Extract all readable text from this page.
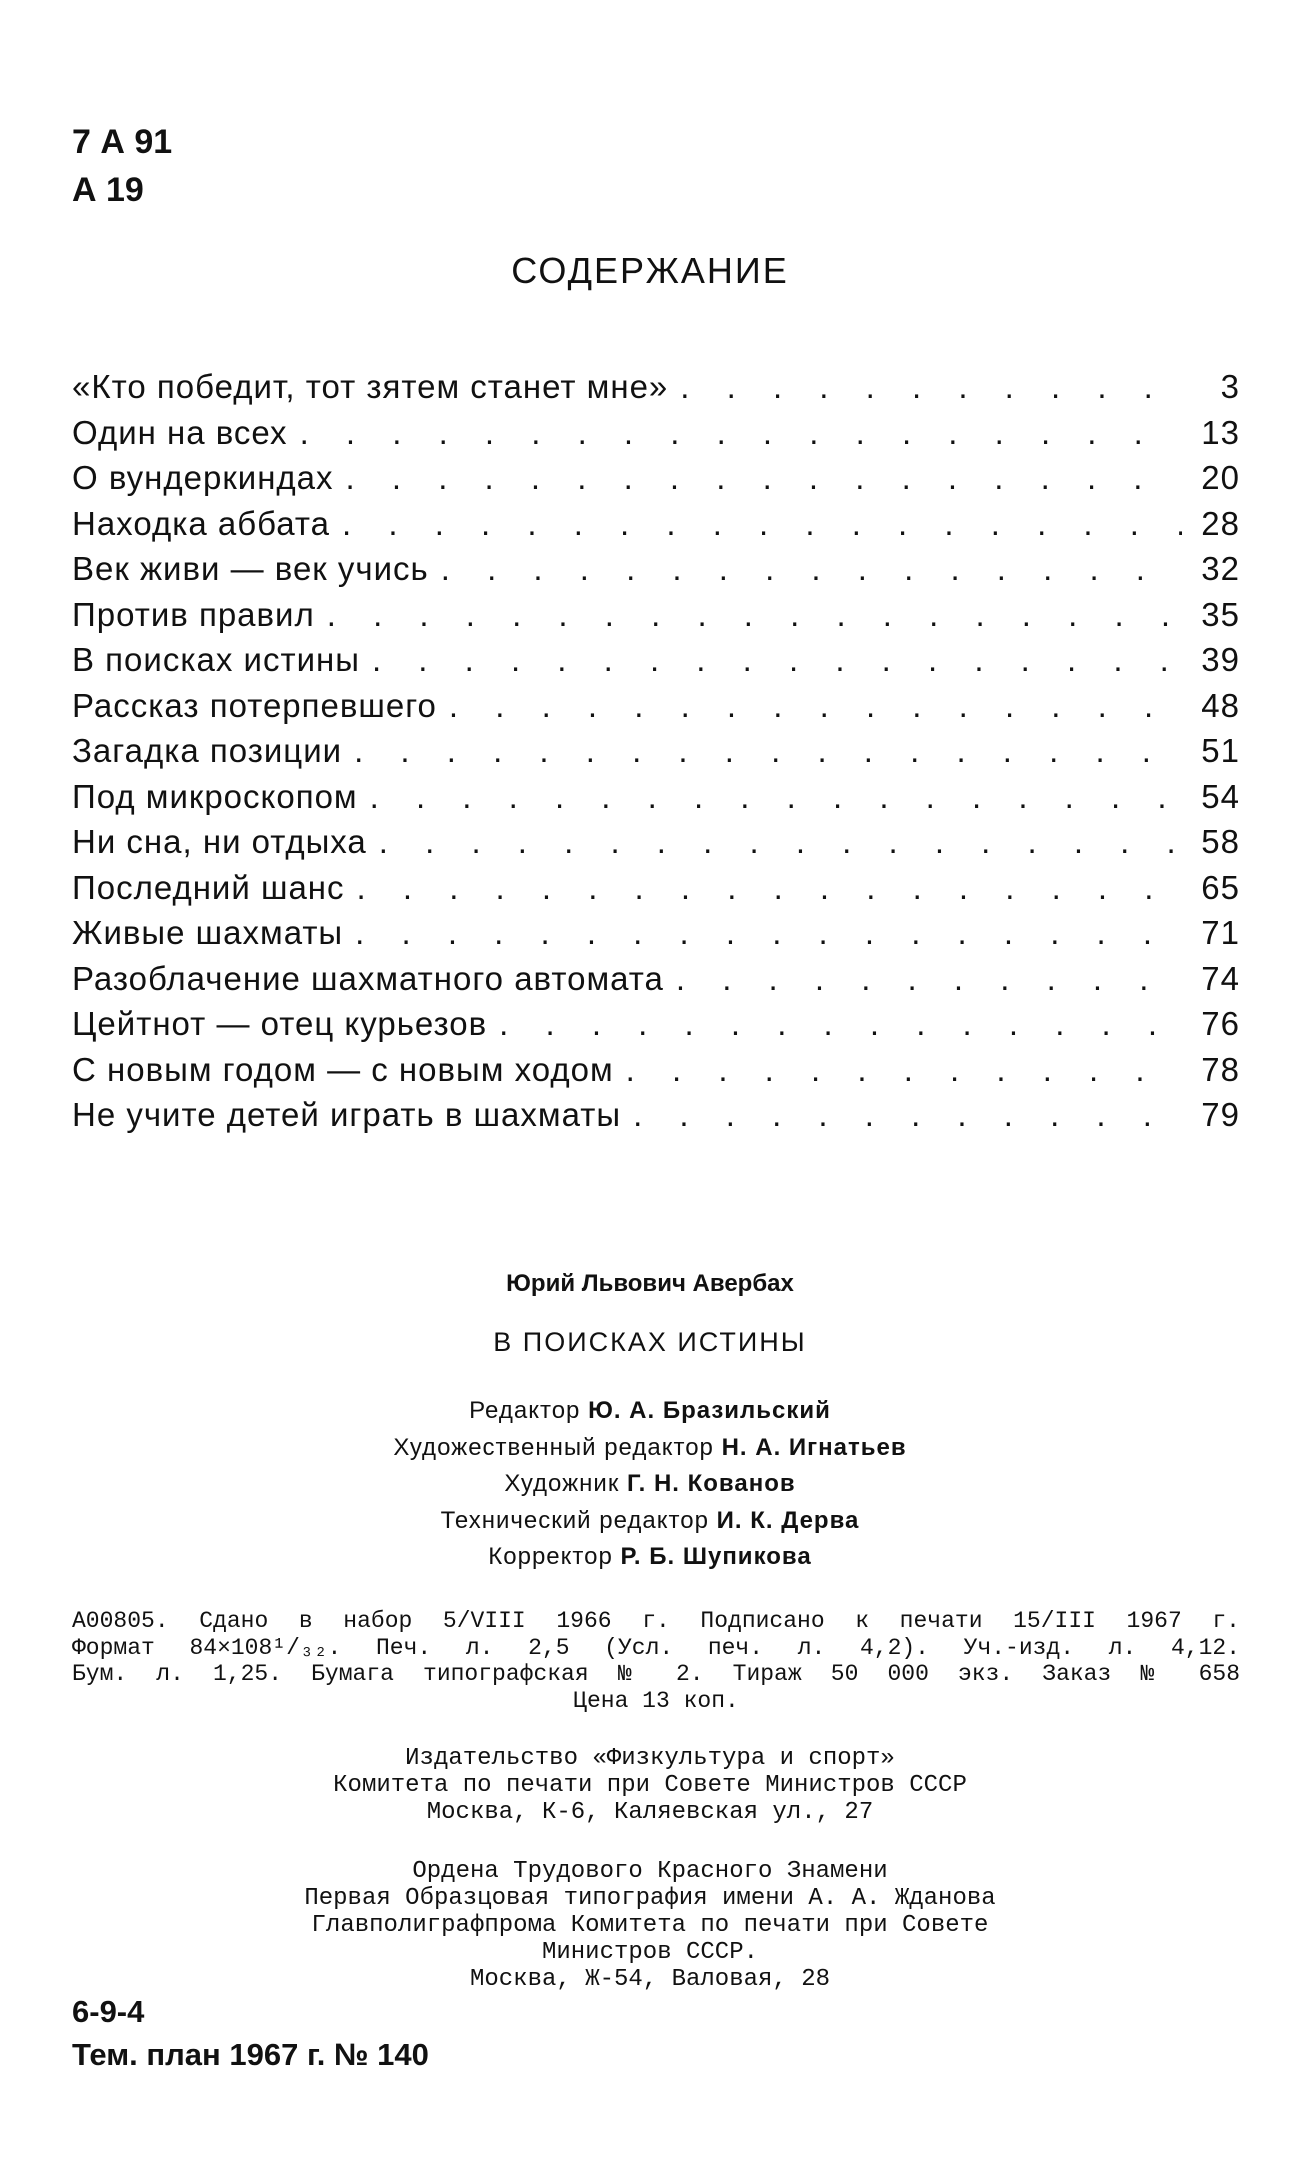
7 А 91
А 19
СОДЕРЖАНИЕ
«Кто победит, тот зятем станет мне» . . .	3
Один на всех . . .	13
О вундеркиндах . . .	20
Находка аббата . . .	28
Век живи — век учись . . .	32
Против правил . . .	35
В поисках истины . . .	39
Рассказ потерпевшего . . .	48
Загадка позиции . . .	51
Под микроскопом . . .	54
Ни сна, ни отдыха . . .	58
Последний шанс . . .	65
Живые шахматы . . .	71
Разоблачение шахматного автомата . . .	74
Цейтнот — отец курьезов . . .	76
С новым годом — с новым ходом . . .	78
Не учите детей играть в шахматы . . .	79
Юрий Львович Авербах
В ПОИСКАХ ИСТИНЫ
Редактор Ю. А. Бразильский
Художественный редактор Н. А. Игнатьев
Художник Г. Н. Кованов
Технический редактор И. К. Дерва
Корректор Р. Б. Шупикова
А00805. Сдано в набор 5/VIII 1966 г. Подписано к печати 15/III 1967 г.
Формат 84×108¹/₃₂. Печ. л. 2,5 (Усл. печ. л. 4,2). Уч.-изд. л. 4,12.
Бум. л. 1,25. Бумага типографская № 2. Тираж 50 000 экз. Заказ № 658
Цена 13 коп.
Издательство «Физкультура и спорт»
Комитета по печати при Совете Министров СССР
Москва, К-6, Каляевская ул., 27
Ордена Трудового Красного Знамени
Первая Образцовая типография имени А. А. Жданова
Главполиграфпрома Комитета по печати при Совете
Министров СССР.
Москва, Ж-54, Валовая, 28
6-9-4
Тем. план 1967 г. № 140
